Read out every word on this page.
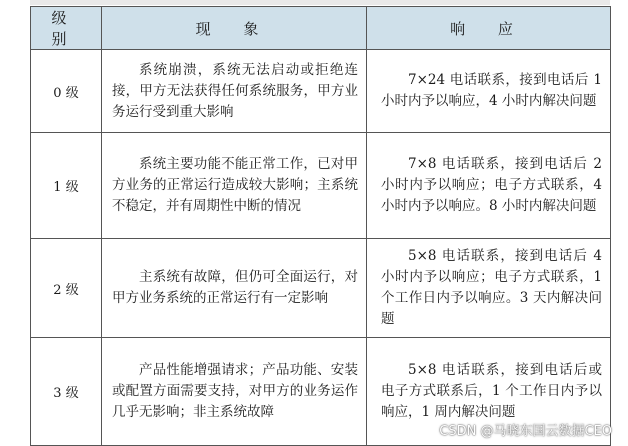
级 别	现 象	响 应
0 级	系统崩溃，系统无法启动或拒绝连接，甲方无法获得任何系统服务，甲方业务运行受到重大影响	7×24 电话联系，接到电话后 1 小时内予以响应，4 小时内解决问题
1 级	系统主要功能不能正常工作，已对甲方业务的正常运行造成较大影响；主系统不稳定，并有周期性中断的情况	7×8 电话联系，接到电话后 2 小时内予以响应；电子方式联系，4 小时内予以响应。8 小时内解决问题
2 级	主系统有故障，但仍可全面运行，对甲方业务系统的正常运行有一定影响	5×8 电话联系，接到电话后 4 小时内予以响应；电子方式联系，1 个工作日内予以响应。3 天内解决问题
3 级	产品性能增强请求；产品功能、安装或配置方面需要支持，对甲方的业务运作几乎无影响；非主系统故障	5×8 电话联系，接到电话后或电子方式联系后，1 个工作日内予以响应，1 周内解决问题
CSDN @马晓东国云数据CEO
